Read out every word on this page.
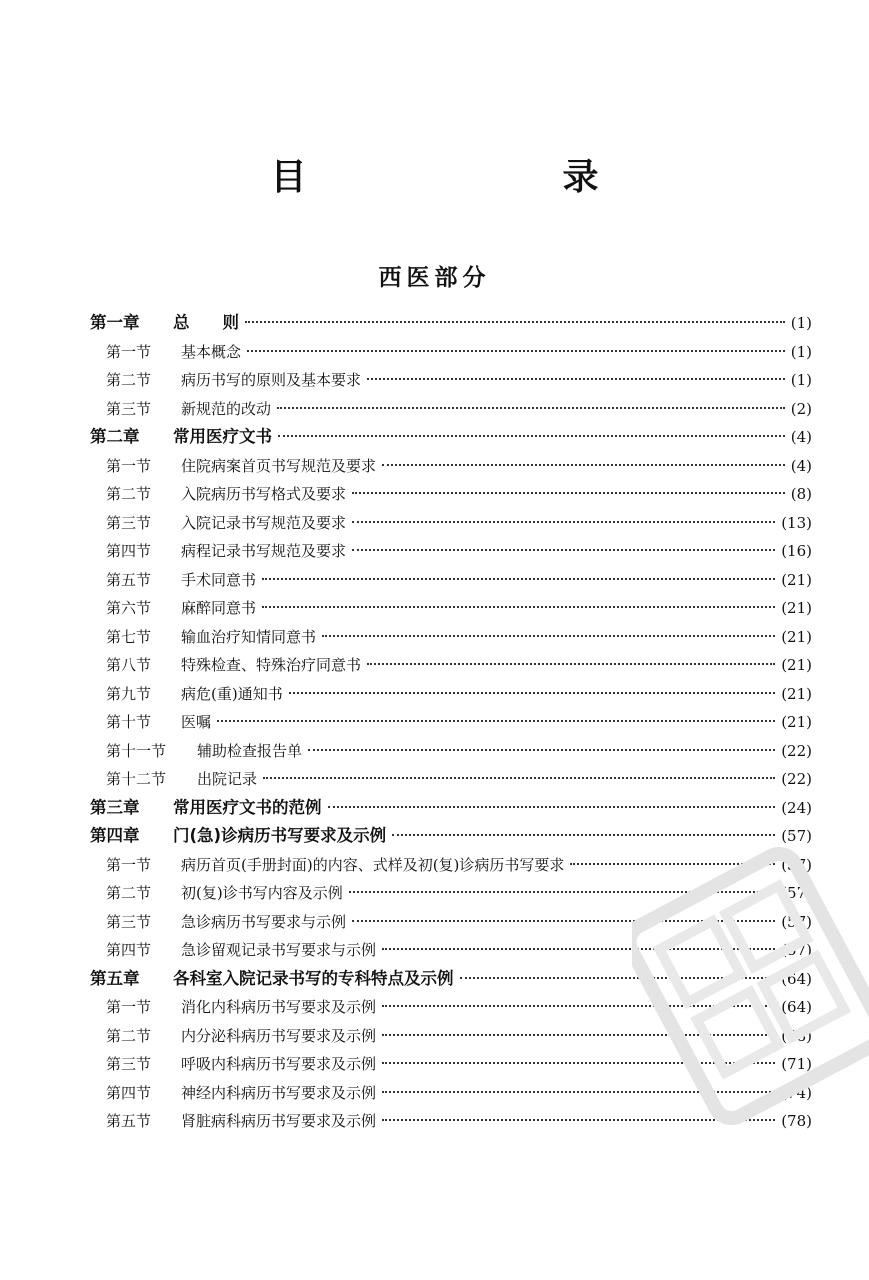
目　录
西医部分
第一章	总　　则	(1)
第一节	基本概念	(1)
第二节	病历书写的原则及基本要求	(1)
第三节	新规范的改动	(2)
第二章	常用医疗文书	(4)
第一节	住院病案首页书写规范及要求	(4)
第二节	入院病历书写格式及要求	(8)
第三节	入院记录书写规范及要求	(13)
第四节	病程记录书写规范及要求	(16)
第五节	手术同意书	(21)
第六节	麻醉同意书	(21)
第七节	输血治疗知情同意书	(21)
第八节	特殊检查、特殊治疗同意书	(21)
第九节	病危(重)通知书	(21)
第十节	医嘱	(21)
第十一节	辅助检查报告单	(22)
第十二节	出院记录	(22)
第三章	常用医疗文书的范例	(24)
第四章	门(急)诊病历书写要求及示例	(57)
第一节	病历首页(手册封面)的内容、式样及初(复)诊病历书写要求	(57)
第二节	初(复)诊书写内容及示例	(57)
第三节	急诊病历书写要求与示例	(57)
第四节	急诊留观记录书写要求与示例	(57)
第五章	各科室入院记录书写的专科特点及示例	(64)
第一节	消化内科病历书写要求及示例	(64)
第二节	内分泌科病历书写要求及示例	(68)
第三节	呼吸内科病历书写要求及示例	(71)
第四节	神经内科病历书写要求及示例	(74)
第五节	肾脏病科病历书写要求及示例	(78)
